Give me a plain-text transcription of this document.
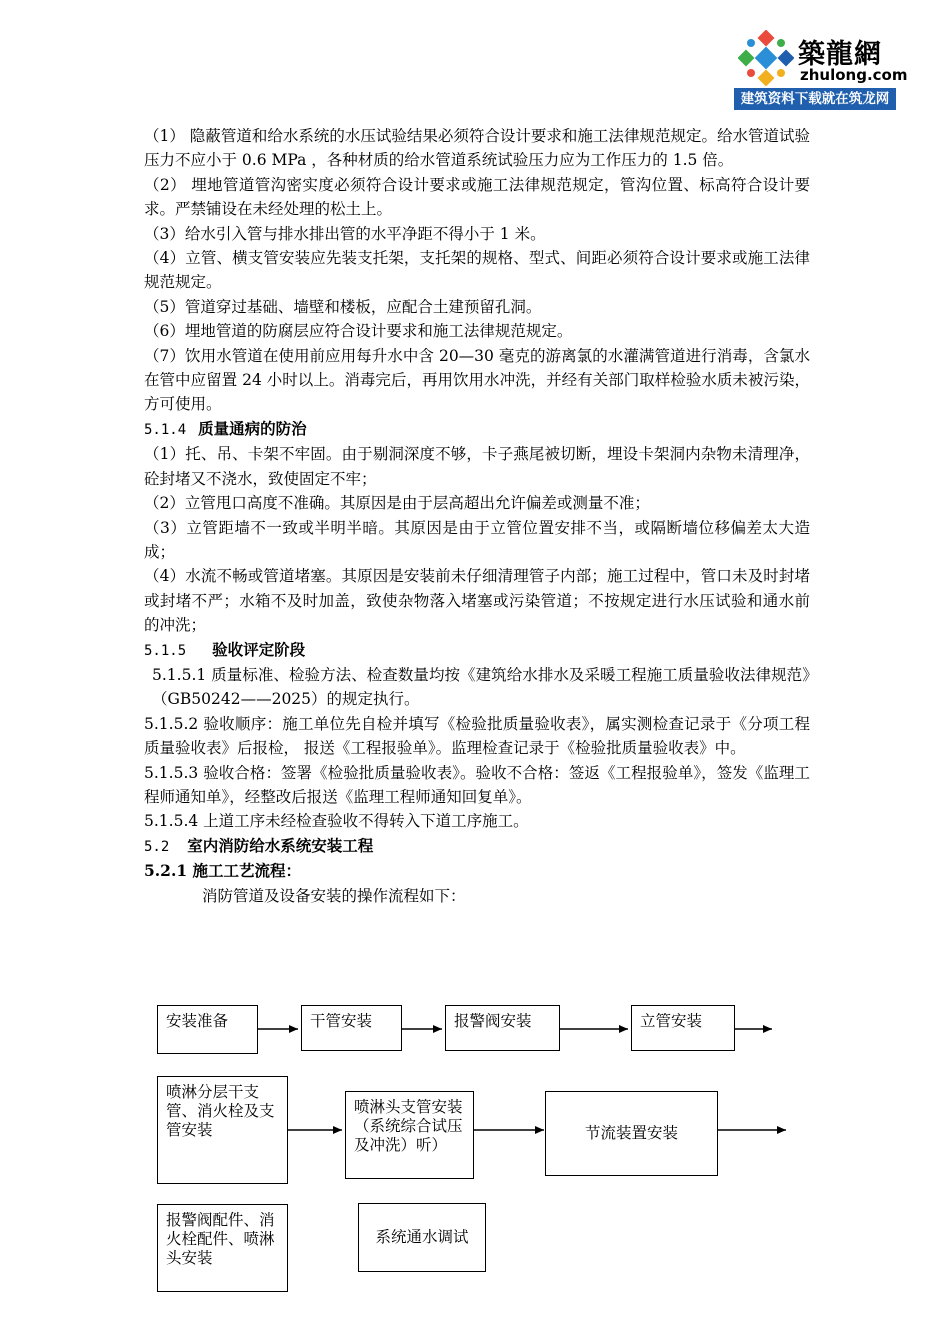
築龍網
zhulong.com
建筑资料下载就在筑龙网

（1） 隐蔽管道和给水系统的水压试验结果必须符合设计要求和施工法律规范规定。给水管道试验压力不应小于 0.6 MPa ，各种材质的给水管道系统试验压力应为工作压力的 1.5 倍。

（2） 埋地管道管沟密实度必须符合设计要求或施工法律规范规定，管沟位置、标高符合设计要求。严禁铺设在未经处理的松土上。

（3）给水引入管与排水排出管的水平净距不得小于 1 米。

（4）立管、横支管安装应先装支托架，支托架的规格、型式、间距必须符合设计要求或施工法律规范规定。

（5）管道穿过基础、墙壁和楼板，应配合土建预留孔洞。

（6）埋地管道的防腐层应符合设计要求和施工法律规范规定。

（7）饮用水管道在使用前应用每升水中含 20—30 毫克的游离氯的水灌满管道进行消毒，含氯水在管中应留置 24 小时以上。消毒完后，再用饮用水冲洗，并经有关部门取样检验水质未被污染，方可使用。

5.1.4 质量通病的防治

（1）托、吊、卡架不牢固。由于剔洞深度不够，卡子燕尾被切断，埋设卡架洞内杂物未清理净，砼封堵又不浇水，致使固定不牢；

（2）立管甩口高度不准确。其原因是由于层高超出允许偏差或测量不准；

（3）立管距墙不一致或半明半暗。其原因是由于立管位置安排不当，或隔断墙位移偏差太大造成；

（4）水流不畅或管道堵塞。其原因是安装前未仔细清理管子内部；施工过程中，管口未及时封堵或封堵不严；水箱不及时加盖，致使杂物落入堵塞或污染管道；不按规定进行水压试验和通水前的冲洗；

5.1.5 验收评定阶段

5.1.5.1 质量标准、检验方法、检查数量均按《建筑给水排水及采暖工程施工质量验收法律规范》（GB50242——2025）的规定执行。

5.1.5.2 验收顺序：施工单位先自检并填写《检验批质量验收表》，属实测检查记录于《分项工程质量验收表》后报检， 报送《工程报验单》。监理检查记录于《检验批质量验收表》中。

5.1.5.3 验收合格：签署《检验批质量验收表》。验收不合格：签返《工程报验单》，签发《监理工程师通知单》，经整改后报送《监理工程师通知回复单》。

5.1.5.4 上道工序未经检查验收不得转入下道工序施工。

5.2 室内消防给水系统安装工程

5.2.1 施工工艺流程：

消防管道及设备安装的操作流程如下：

安装准备	干管安装	报警阀安装	立管安装
喷淋分层干支管、消火栓及支管安装
喷淋头支管安装（系统综合试压及冲洗）听）
节流装置安装
报警阀配件、消火栓配件、喷淋头安装
系统通水调试
